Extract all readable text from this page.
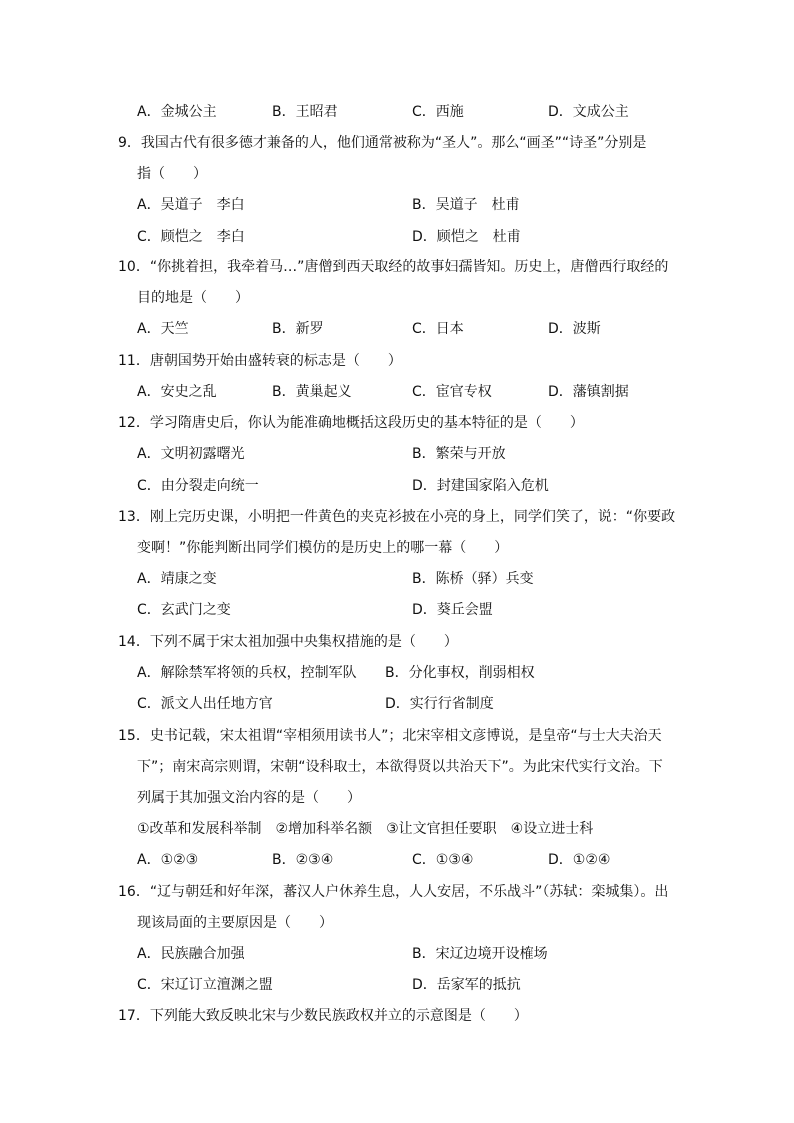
A．金城公主	B．王昭君	C．西施	D．文成公主
9．我国古代有很多德才兼备的人，他们通常被称为“圣人”。那么“画圣”“诗圣”分别是
指（　　）
A．吴道子　李白	B．吴道子　杜甫
C．顾恺之　李白	D．顾恺之　杜甫
10．“你挑着担，我牵着马…”唐僧到西天取经的故事妇孺皆知。历史上，唐僧西行取经的
目的地是（　　）
A．天竺	B．新罗	C．日本	D．波斯
11．唐朝国势开始由盛转衰的标志是（　　）
A．安史之乱	B．黄巢起义	C．宦官专权	D．藩镇割据
12．学习隋唐史后，你认为能准确地概括这段历史的基本特征的是（　　）
A．文明初露曙光	B．繁荣与开放
C．由分裂走向统一	D．封建国家陷入危机
13．刚上完历史课，小明把一件黄色的夹克衫披在小亮的身上，同学们笑了，说：“你要政
变啊！”你能判断出同学们模仿的是历史上的哪一幕（　　）
A．靖康之变	B．陈桥（驿）兵变
C．玄武门之变	D．葵丘会盟
14．下列不属于宋太祖加强中央集权措施的是（　　）
A．解除禁军将领的兵权，控制军队 B．分化事权，削弱相权
C．派文人出任地方官	D．实行行省制度
15．史书记载，宋太祖谓“宰相须用读书人”；北宋宰相文彦博说，是皇帝“与士大夫治天
下”；南宋高宗则谓，宋朝“设科取士，本欲得贤以共治天下”。为此宋代实行文治。下
列属于其加强文治内容的是（　　）
①改革和发展科举制　②增加科举名额　③让文官担任要职　④设立进士科
A．①②③	B．②③④	C．①③④	D．①②④
16．“辽与朝廷和好年深，蕃汉人户休养生息，人人安居，不乐战斗”（苏轼：栾城集）。出
现该局面的主要原因是（　　）
A．民族融合加强	B．宋辽边境开设榷场
C．宋辽订立澶渊之盟	D．岳家军的抵抗
17．下列能大致反映北宋与少数民族政权并立的示意图是（　　）
